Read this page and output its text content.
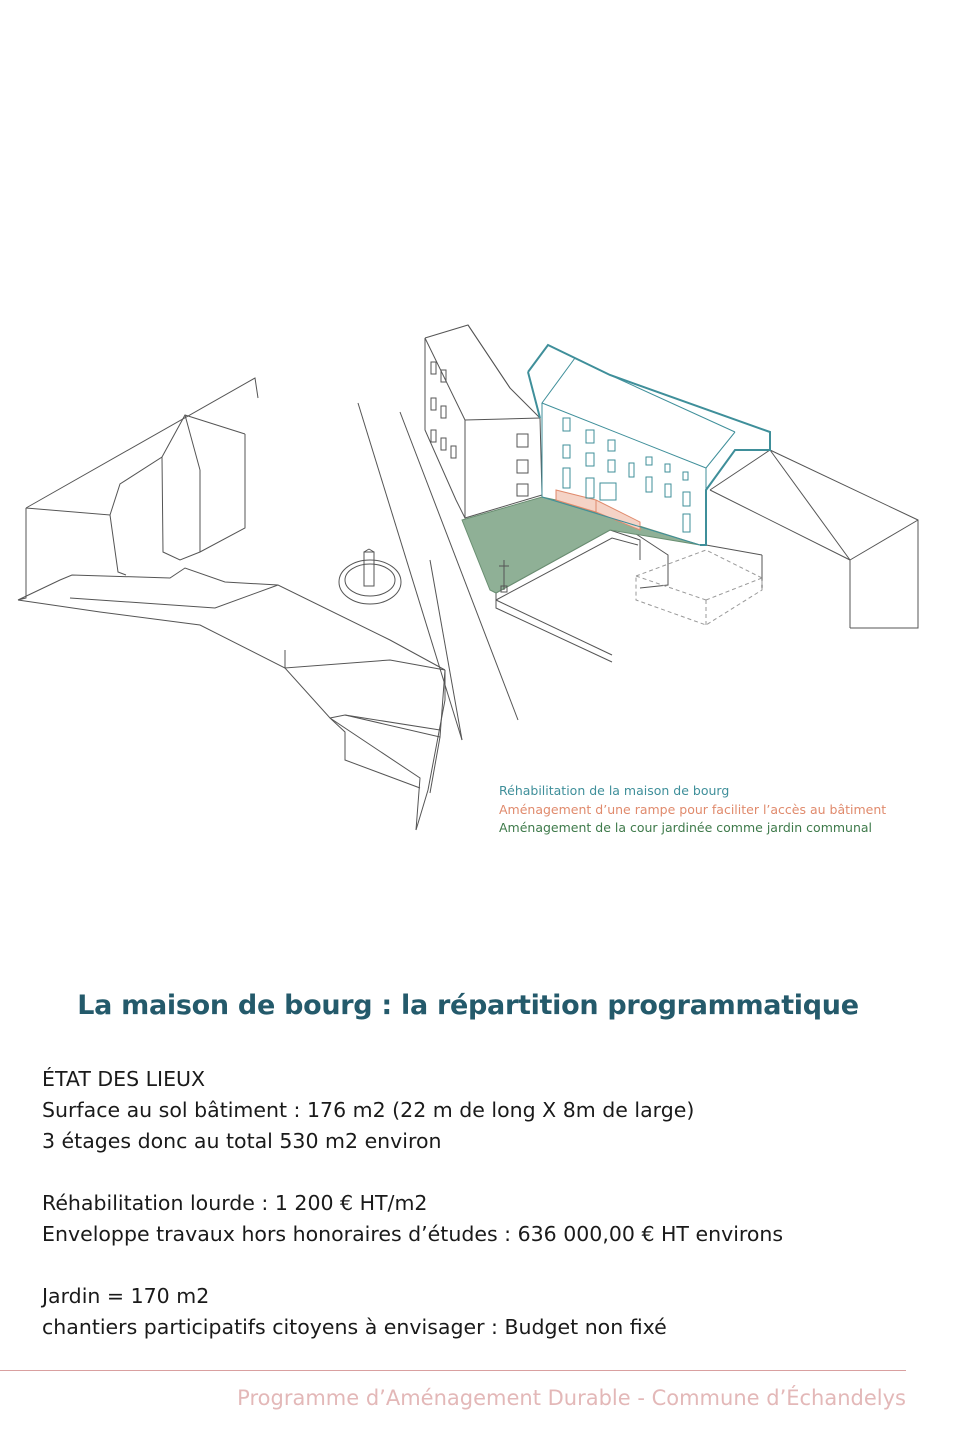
Réhabilitation de la maison de bourg
Aménagement d’une rampe pour faciliter l’accès au bâtiment
Aménagement de la cour jardinée comme jardin communal
La maison de bourg : la répartition programmatique
ÉTAT DES LIEUX
Surface au sol bâtiment : 176 m2 (22 m de long X 8m de large)
3 étages donc au total 530 m2 environ
Réhabilitation lourde : 1 200 € HT/m2
Enveloppe travaux hors honoraires d’études : 636 000,00 € HT environs
Jardin = 170 m2
chantiers participatifs citoyens à envisager : Budget non fixé
Programme d’Aménagement Durable - Commune d’Échandelys
